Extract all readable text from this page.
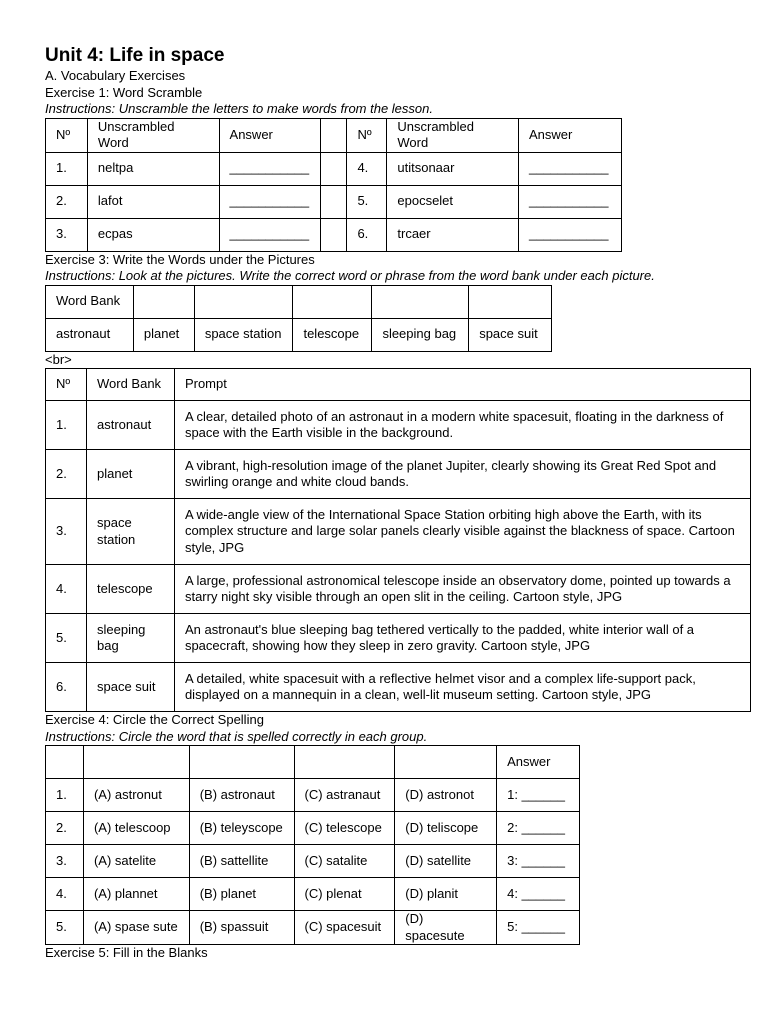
Unit 4: Life in space

A. Vocabulary Exercises

Exercise 1: Word Scramble

Instructions: Unscramble the letters to make words from the lesson.

Nº	Unscrambled Word	Answer		Nº	Unscrambled Word	Answer
1.	neltpa	___________		4.	utitsonaar	___________
2.	lafot	___________		5.	epocselet	___________
3.	ecpas	___________		6.	trcaer	___________

Exercise 3: Write the Words under the Pictures

Instructions: Look at the pictures. Write the correct word or phrase from the word bank under each picture.

Word Bank					
astronaut	planet	space station	telescope	sleeping bag	space suit

<br>

Nº	Word Bank	Prompt
1.	astronaut	A clear, detailed photo of an astronaut in a modern white spacesuit, floating in the darkness of space with the Earth visible in the background.
2.	planet	A vibrant, high-resolution image of the planet Jupiter, clearly showing its Great Red Spot and swirling orange and white cloud bands.
3.	space station	A wide-angle view of the International Space Station orbiting high above the Earth, with its complex structure and large solar panels clearly visible against the blackness of space. Cartoon style, JPG
4.	telescope	A large, professional astronomical telescope inside an observatory dome, pointed up towards a starry night sky visible through an open slit in the ceiling. Cartoon style, JPG
5.	sleeping bag	An astronaut's blue sleeping bag tethered vertically to the padded, white interior wall of a spacecraft, showing how they sleep in zero gravity. Cartoon style, JPG
6.	space suit	A detailed, white spacesuit with a reflective helmet visor and a complex life-support pack, displayed on a mannequin in a clean, well-lit museum setting. Cartoon style, JPG

Exercise 4: Circle the Correct Spelling

Instructions: Circle the word that is spelled correctly in each group.

					Answer
1.	(A) astronut	(B) astronaut	(C) astranaut	(D) astronot	1: ______
2.	(A) telescoop	(B) teleyscope	(C) telescope	(D) teliscope	2: ______
3.	(A) satelite	(B) sattellite	(C) satalite	(D) satellite	3: ______
4.	(A) plannet	(B) planet	(C) plenat	(D) planit	4: ______
5.	(A) spase sute	(B) spassuit	(C) spacesuit	(D) spacesute	5: ______

Exercise 5: Fill in the Blanks
